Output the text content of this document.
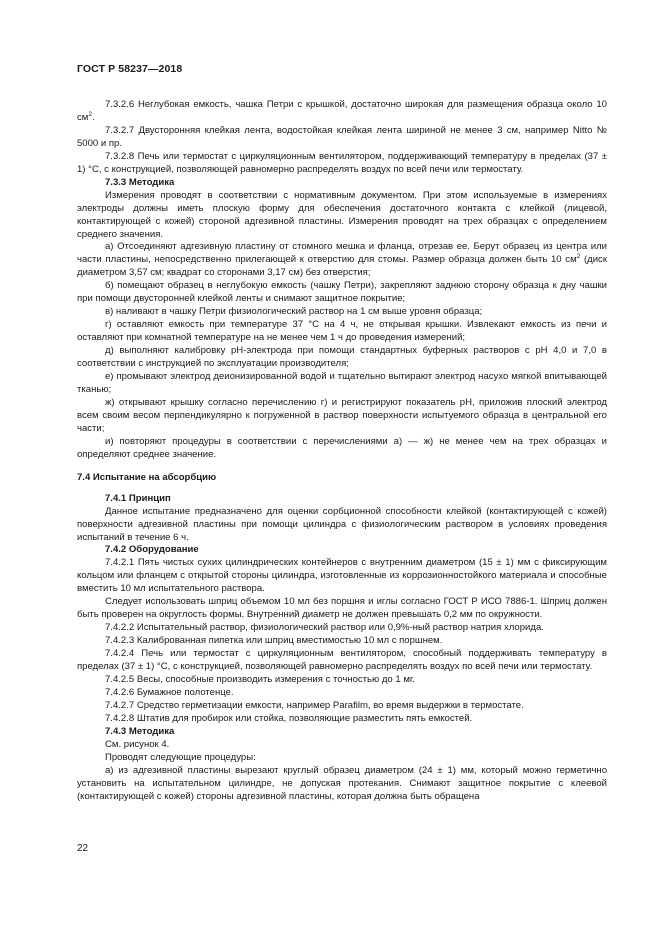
ГОСТ Р 58237—2018

7.3.2.6 Неглубокая емкость, чашка Петри с крышкой, достаточно широкая для размещения образца около 10 $см^2$.

7.3.2.7 Двусторонняя клейкая лента, водостойкая клейкая лента шириной не менее 3 см, например Nitto № 5000 и пр.

7.3.2.8 Печь или термостат с циркуляционным вентилятором, поддерживающий температуру в пределах (37 ± 1) °С, с конструкцией, позволяющей равномерно распределять воздух по всей печи или термостату.

7.3.3 Методика

Измерения проводят в соответствии с нормативным документом. При этом используемые в измерениях электроды должны иметь плоскую форму для обеспечения достаточного контакта с клейкой (лицевой, контактирующей с кожей) стороной адгезивной пластины. Измерения проводят на трех образцах с определением среднего значения.

а) Отсоединяют адгезивную пластину от стомного мешка и фланца, отрезав ее. Берут образец из центра или части пластины, непосредственно прилегающей к отверстию для стомы. Размер образца должен быть 10 $см^2$ (диск диаметром 3,57 см; квадрат со сторонами 3,17 см) без отверстия;

б) помещают образец в неглубокую емкость (чашку Петри), закрепляют заднюю сторону образца к дну чашки при помощи двусторонней клейкой ленты и снимают защитное покрытие;

в) наливают в чашку Петри физиологический раствор на 1 см выше уровня образца;

г) оставляют емкость при температуре 37 °С на 4 ч, не открывая крышки. Извлекают емкость из печи и оставляют при комнатной температуре на не менее чем 1 ч до проведения измерений;

д) выполняют калибровку pH-электрода при помощи стандартных буферных растворов с pH 4,0 и 7,0 в соответствии с инструкцией по эксплуатации производителя;

е) промывают электрод деионизированной водой и тщательно вытирают электрод насухо мягкой впитывающей тканью;

ж) открывают крышку согласно перечислению г) и регистрируют показатель pH, приложив плоский электрод всем своим весом перпендикулярно к погруженной в раствор поверхности испытуемого образца в центральной его части;

и) повторяют процедуры в соответствии с перечислениями а) — ж) не менее чем на трех образцах и определяют среднее значение.

7.4 Испытание на абсорбцию

7.4.1 Принцип

Данное испытание предназначено для оценки сорбционной способности клейкой (контактирующей с кожей) поверхности адгезивной пластины при помощи цилиндра с физиологическим раствором в условиях проведения испытаний в течение 6 ч.

7.4.2 Оборудование

7.4.2.1 Пять чистых сухих цилиндрических контейнеров с внутренним диаметром (15 ± 1) мм с фиксирующим кольцом или фланцем с открытой стороны цилиндра, изготовленные из коррозионностойкого материала и способные вместить 10 мл испытательного раствора.

Следует использовать шприц объемом 10 мл без поршня и иглы согласно ГОСТ Р ИСО 7886-1. Шприц должен быть проверен на округлость формы. Внутренний диаметр не должен превышать 0,2 мм по окружности.

7.4.2.2 Испытательный раствор, физиологический раствор или 0,9%-ный раствор натрия хлорида.

7.4.2.3 Калиброванная пипетка или шприц вместимостью 10 мл с поршнем.

7.4.2.4 Печь или термостат с циркуляционным вентилятором, способный поддерживать температуру в пределах (37 ± 1) °С, с конструкцией, позволяющей равномерно распределять воздух по всей печи или термостату.

7.4.2.5 Весы, способные производить измерения с точностью до 1 мг.

7.4.2.6 Бумажное полотенце.

7.4.2.7 Средство герметизации емкости, например Parafilm, во время выдержки в термостате.

7.4.2.8 Штатив для пробирок или стойка, позволяющие разместить пять емкостей.

7.4.3 Методика

См. рисунок 4.

Проводят следующие процедуры:

а) из адгезивной пластины вырезают круглый образец диаметром (24 ± 1) мм, который можно герметично установить на испытательном цилиндре, не допуская протекания. Снимают защитное покрытие с клеевой (контактирующей с кожей) стороны адгезивной пластины, которая должна быть обращена

22
